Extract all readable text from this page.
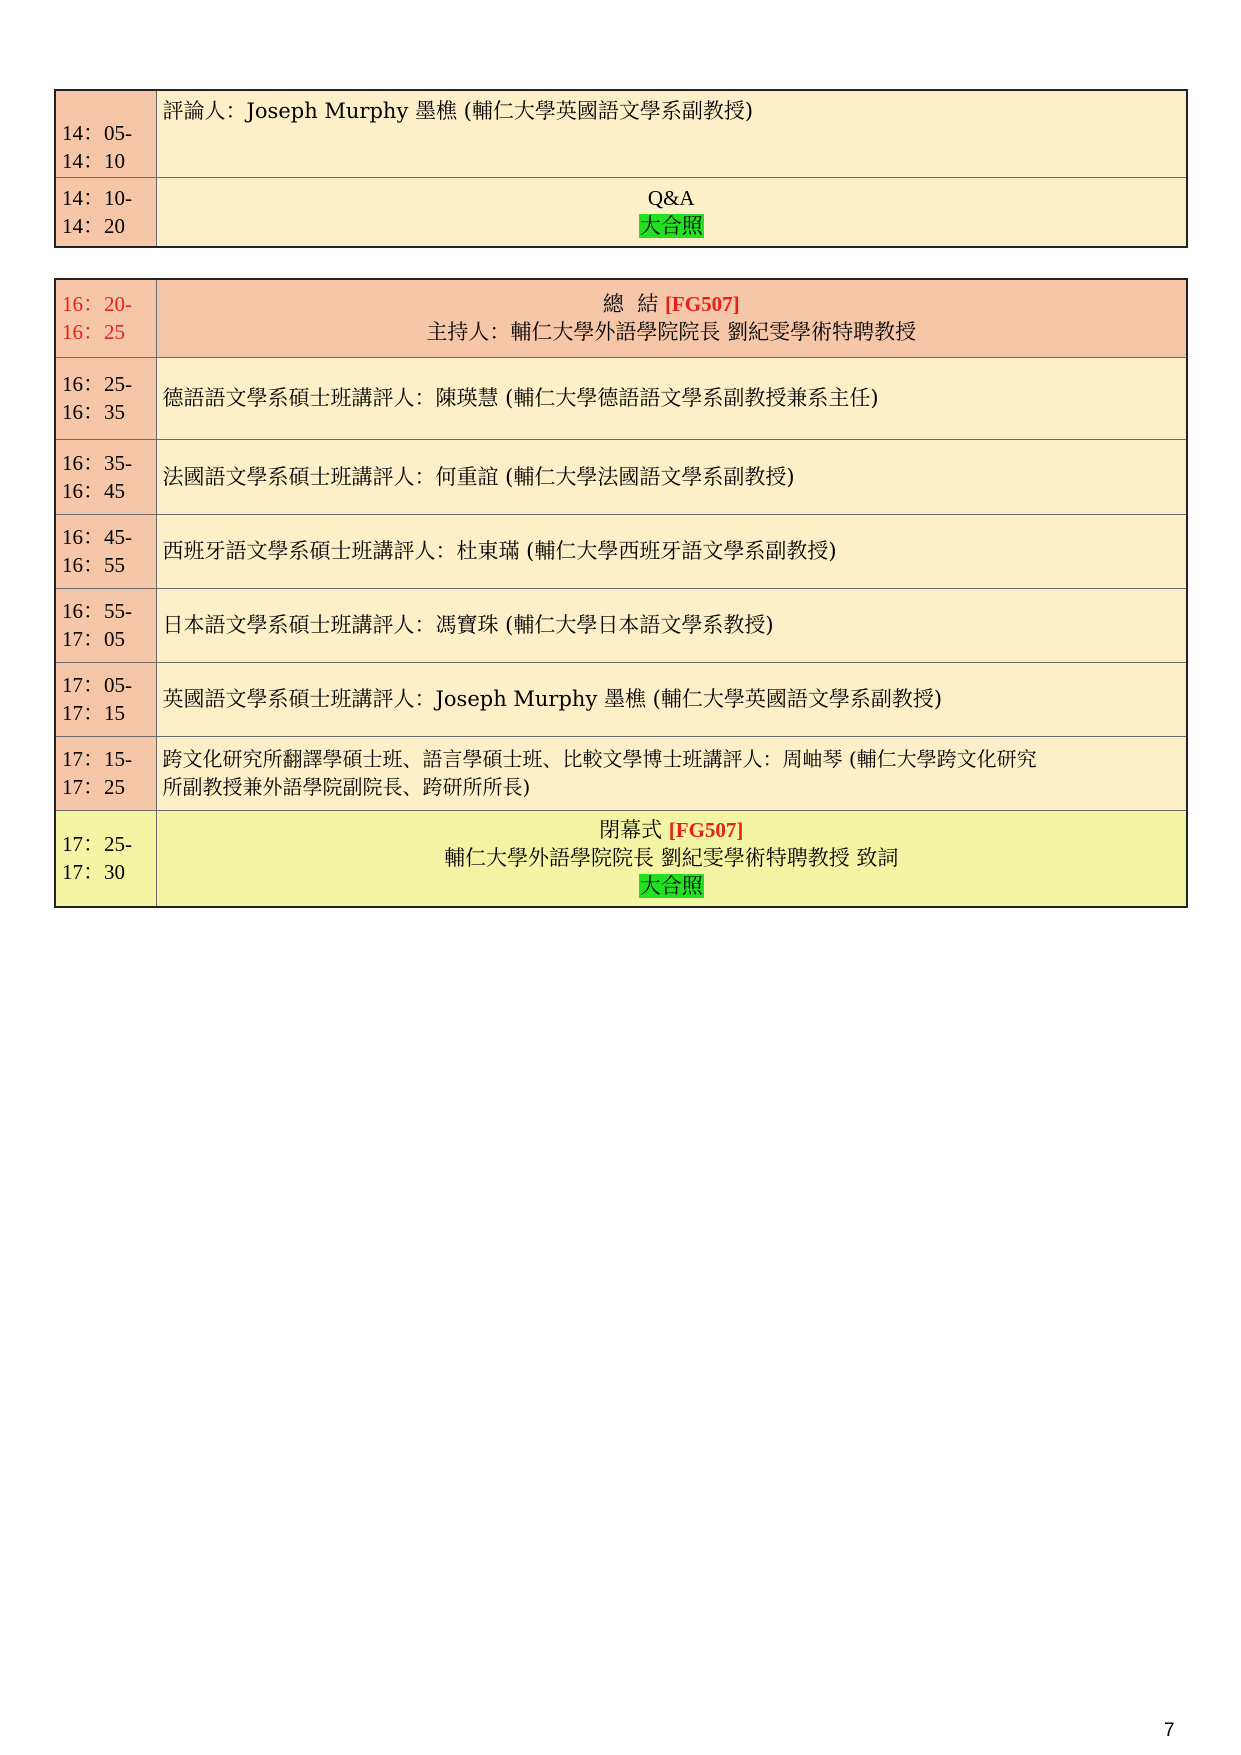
14：05-
14：10	評論人：Joseph Murphy 墨樵 (輔仁大學英國語文學系副教授)

14：10-
14：20	Q&A
大合照
16：20-
16：25	總  結 [FG507]
主持人：輔仁大學外語學院院長 劉紀雯學術特聘教授

16：25-
16：35	德語語文學系碩士班講評人：陳瑛慧 (輔仁大學德語語文學系副教授兼系主任)

16：35-
16：45	法國語文學系碩士班講評人：何重誼 (輔仁大學法國語文學系副教授)

16：45-
16：55	西班牙語文學系碩士班講評人：杜東璊 (輔仁大學西班牙語文學系副教授)

16：55-
17：05	日本語文學系碩士班講評人：馮寶珠 (輔仁大學日本語文學系教授)

17：05-
17：15	英國語文學系碩士班講評人：Joseph Murphy 墨樵 (輔仁大學英國語文學系副教授)

17：15-
17：25	跨文化研究所翻譯學碩士班、語言學碩士班、比較文學博士班講評人：周岫琴 (輔仁大學跨文化研究
所副教授兼外語學院副院長、跨研所所長)

17：25-
17：30	閉幕式 [FG507]
輔仁大學外語學院院長 劉紀雯學術特聘教授 致詞
大合照
7
